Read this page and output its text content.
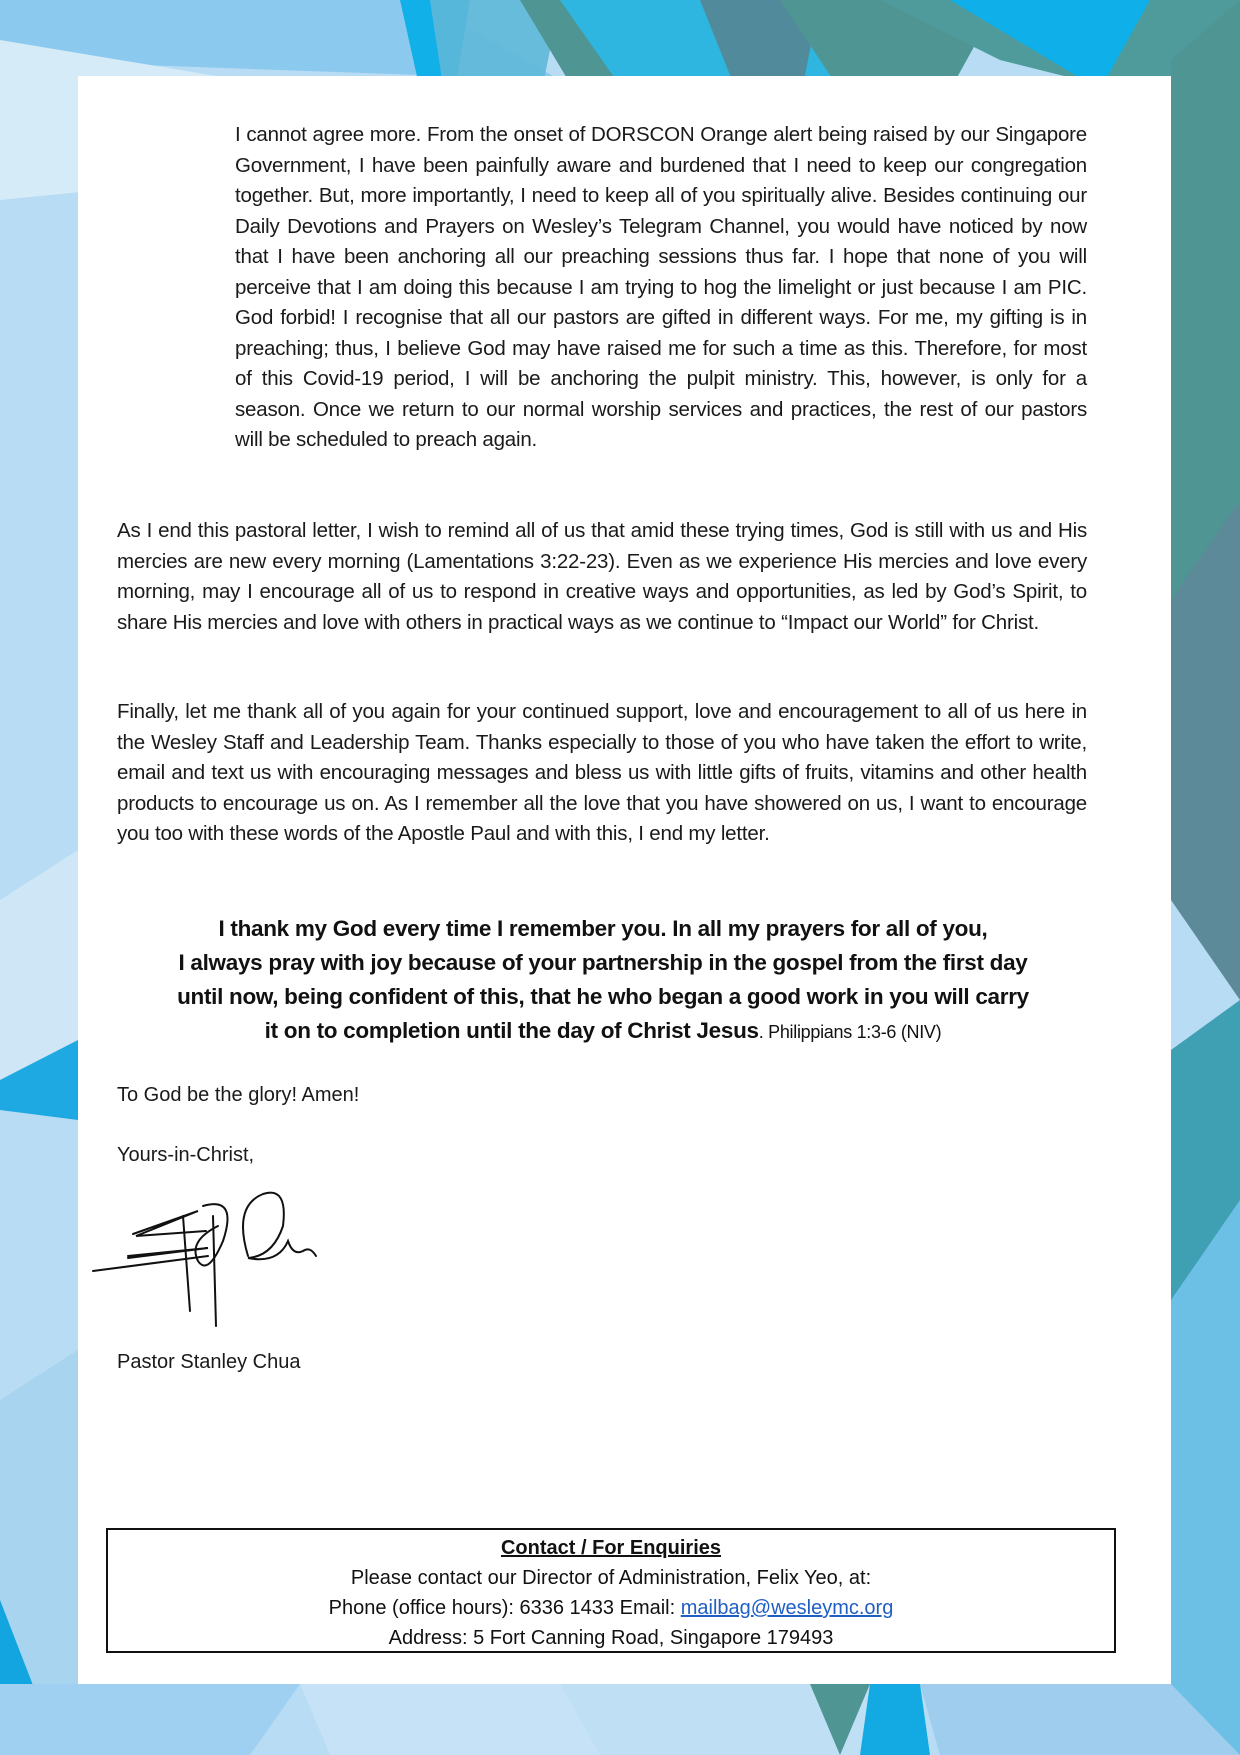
I cannot agree more. From the onset of DORSCON Orange alert being raised by our Singapore Government, I have been painfully aware and burdened that I need to keep our congregation together. But, more importantly, I need to keep all of you spiritually alive. Besides continuing our Daily Devotions and Prayers on Wesley’s Telegram Channel, you would have noticed by now that I have been anchoring all our preaching sessions thus far. I hope that none of you will perceive that I am doing this because I am trying to hog the limelight or just because I am PIC. God forbid! I recognise that all our pastors are gifted in different ways. For me, my gifting is in preaching; thus, I believe God may have raised me for such a time as this. Therefore, for most of this Covid-19 period, I will be anchoring the pulpit ministry. This, however, is only for a season. Once we return to our normal worship services and practices, the rest of our pastors will be scheduled to preach again.
As I end this pastoral letter, I wish to remind all of us that amid these trying times, God is still with us and His mercies are new every morning (Lamentations 3:22-23). Even as we experience His mercies and love every morning, may I encourage all of us to respond in creative ways and opportunities, as led by God’s Spirit, to share His mercies and love with others in practical ways as we continue to “Impact our World” for Christ.
Finally, let me thank all of you again for your continued support, love and encouragement to all of us here in the Wesley Staff and Leadership Team. Thanks especially to those of you who have taken the effort to write, email and text us with encouraging messages and bless us with little gifts of fruits, vitamins and other health products to encourage us on. As I remember all the love that you have showered on us, I want to encourage you too with these words of the Apostle Paul and with this, I end my letter.
I thank my God every time I remember you. In all my prayers for all of you,
I always pray with joy because of your partnership in the gospel from the first day
until now, being confident of this, that he who began a good work in you will carry
it on to completion until the day of Christ Jesus. Philippians 1:3-6 (NIV)
To God be the glory! Amen!
Yours-in-Christ,
Pastor Stanley Chua
Contact / For Enquiries
Please contact our Director of Administration, Felix Yeo, at:
Phone (office hours): 6336 1433 Email: mailbag@wesleymc.org
Address: 5 Fort Canning Road, Singapore 179493
